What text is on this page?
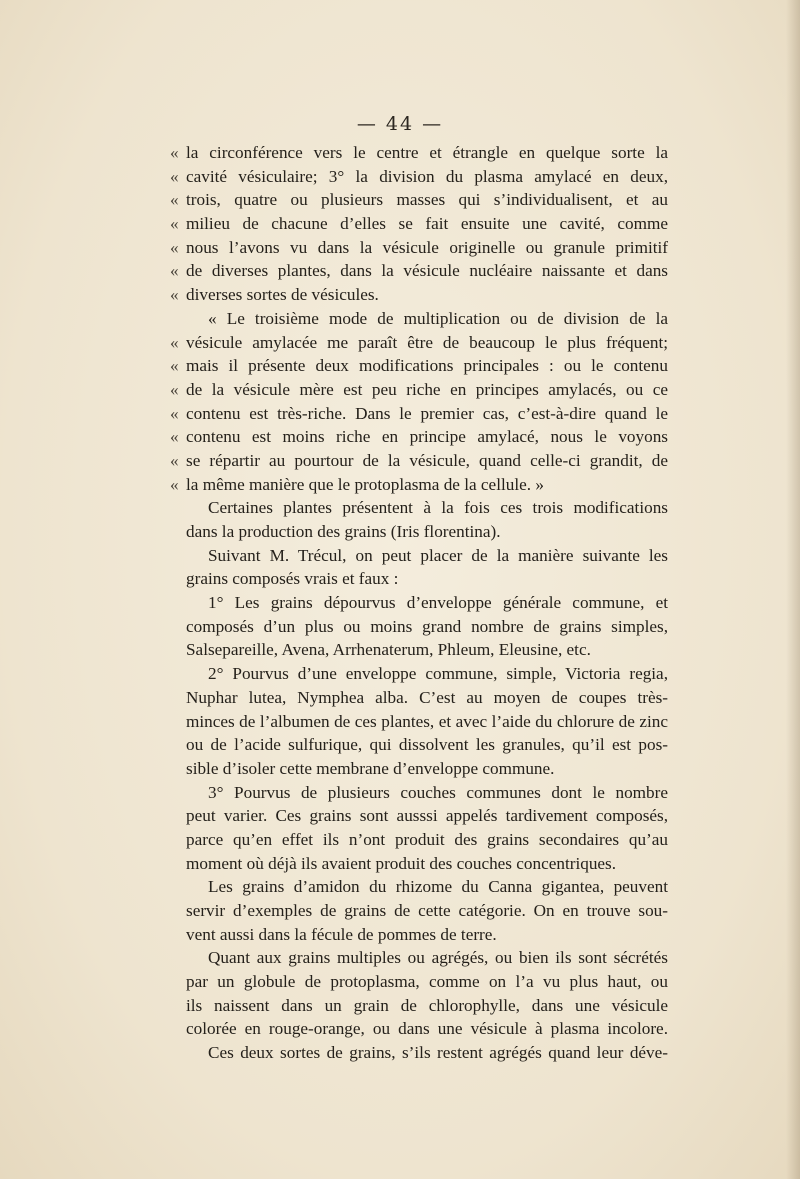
— 44 —
« la circonférence vers le centre et étrangle en quelque sorte la
« cavité vésiculaire; 3° la division du plasma amylacé en deux,
« trois, quatre ou plusieurs masses qui s’individualisent, et au
« milieu de chacune d’elles se fait ensuite une cavité, comme
« nous l’avons vu dans la vésicule originelle ou granule primitif
« de diverses plantes, dans la vésicule nucléaire naissante et dans
« diverses sortes de vésicules.
« Le troisième mode de multiplication ou de division de la
« vésicule amylacée me paraît être de beaucoup le plus fréquent;
« mais il présente deux modifications principales : ou le contenu
« de la vésicule mère est peu riche en principes amylacés, ou ce
« contenu est très-riche. Dans le premier cas, c’est-à-dire quand le
« contenu est moins riche en principe amylacé, nous le voyons
« se répartir au pourtour de la vésicule, quand celle-ci grandit, de
« la même manière que le protoplasma de la cellule. »
Certaines plantes présentent à la fois ces trois modifications
dans la production des grains (Iris florentina).
Suivant M. Trécul, on peut placer de la manière suivante les
grains composés vrais et faux :
1° Les grains dépourvus d’enveloppe générale commune, et
composés d’un plus ou moins grand nombre de grains simples,
Salsepareille, Avena, Arrhenaterum, Phleum, Eleusine, etc.
2° Pourvus d’une enveloppe commune, simple, Victoria regia,
Nuphar lutea, Nymphea alba. C’est au moyen de coupes très-
minces de l’albumen de ces plantes, et avec l’aide du chlorure de zinc
ou de l’acide sulfurique, qui dissolvent les granules, qu’il est pos-
sible d’isoler cette membrane d’enveloppe commune.
3° Pourvus de plusieurs couches communes dont le nombre
peut varier. Ces grains sont ausssi appelés tardivement composés,
parce qu’en effet ils n’ont produit des grains secondaires qu’au
moment où déjà ils avaient produit des couches concentriques.
Les grains d’amidon du rhizome du Canna gigantea, peuvent
servir d’exemples de grains de cette catégorie. On en trouve sou-
vent aussi dans la fécule de pommes de terre.
Quant aux grains multiples ou agrégés, ou bien ils sont sécrétés
par un globule de protoplasma, comme on l’a vu plus haut, ou
ils naissent dans un grain de chlorophylle, dans une vésicule
colorée en rouge-orange, ou dans une vésicule à plasma incolore.
Ces deux sortes de grains, s’ils restent agrégés quand leur déve-
